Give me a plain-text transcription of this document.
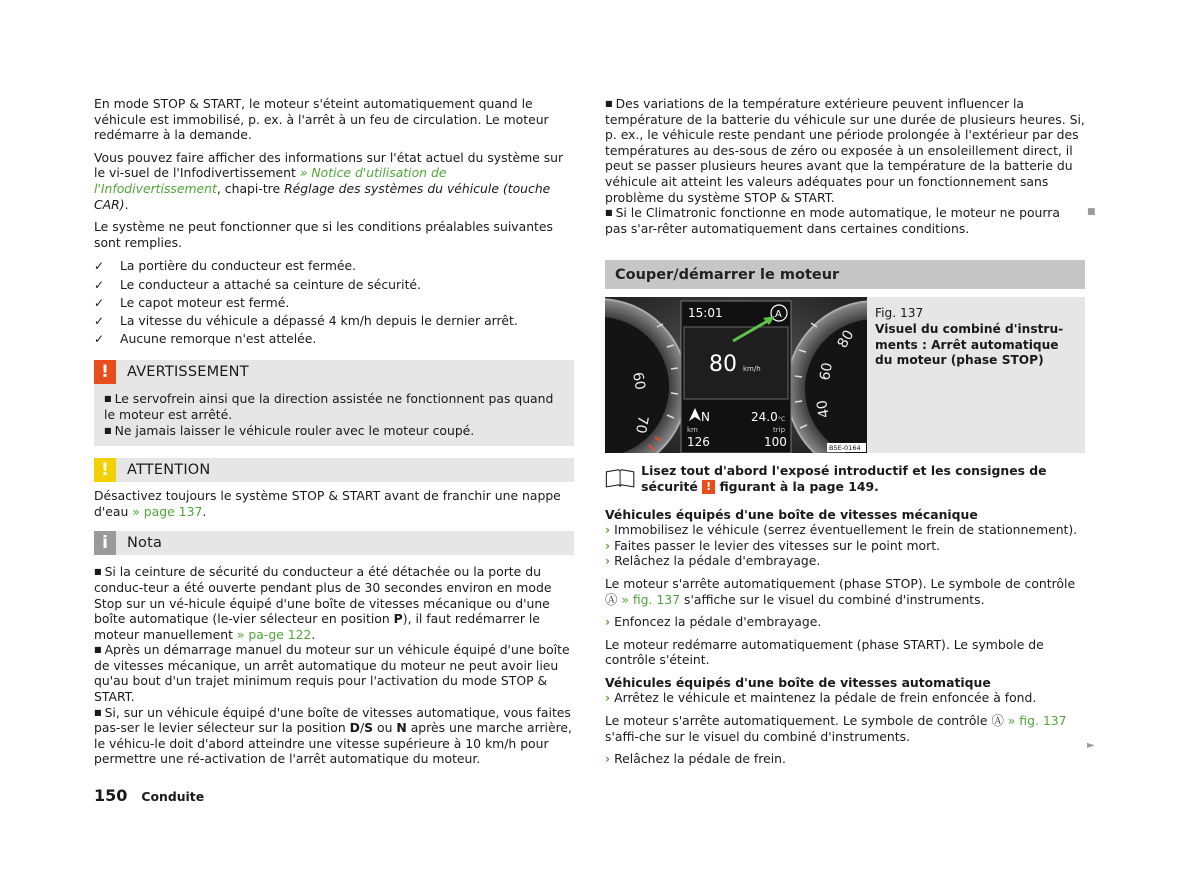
En mode STOP & START, le moteur s'éteint automatiquement quand le véhicule est immobilisé, p. ex. à l'arrêt à un feu de circulation. Le moteur redémarre à la demande.

Vous pouvez faire afficher des informations sur l'état actuel du système sur le vi-suel de l'Infodivertissement » Notice d'utilisation de l'Infodivertissement, chapi-tre Réglage des systèmes du véhicule (touche CAR).

Le système ne peut fonctionner que si les conditions préalables suivantes sont remplies.

✓ La portière du conducteur est fermée.
✓ Le conducteur a attaché sa ceinture de sécurité.
✓ Le capot moteur est fermé.
✓ La vitesse du véhicule a dépassé 4 km/h depuis le dernier arrêt.
✓ Aucune remorque n'est attelée.
!	AVERTISSEMENT

■ Le servofrein ainsi que la direction assistée ne fonctionnent pas quand le moteur est arrêté.

■ Ne jamais laisser le véhicule rouler avec le moteur coupé.

!	ATTENTION

Désactivez toujours le système STOP & START avant de franchir une nappe d'eau » page 137.

i	Nota

■ Si la ceinture de sécurité du conducteur a été détachée ou la porte du conduc-teur a été ouverte pendant plus de 30 secondes environ en mode Stop sur un vé-hicule équipé d'une boîte de vitesses mécanique ou d'une boîte automatique (le-vier sélecteur en position P), il faut redémarrer le moteur manuellement » pa-ge 122.

■ Après un démarrage manuel du moteur sur un véhicule équipé d'une boîte de vitesses mécanique, un arrêt automatique du moteur ne peut avoir lieu qu'au bout d'un trajet minimum requis pour l'activation du mode STOP & START.

■ Si, sur un véhicule équipé d'une boîte de vitesses automatique, vous faites pas-ser le levier sélecteur sur la position D/S ou N après une marche arrière, le véhicu-le doit d'abord atteindre une vitesse supérieure à 10 km/h pour permettre une ré-activation de l'arrêt automatique du moteur.

■ Des variations de la température extérieure peuvent influencer la température de la batterie du véhicule sur une durée de plusieurs heures. Si, p. ex., le véhicule reste pendant une période prolongée à l'extérieur par des températures au des-sous de zéro ou exposée à un ensoleillement direct, il peut se passer plusieurs heures avant que la température de la batterie du véhicule ait atteint les valeurs adéquates pour un fonctionnement sans problème du système STOP & START.

■ Si le Climatronic fonctionne en mode automatique, le moteur ne pourra pas s'ar-rêter automatiquement dans certaines conditions.

Couper/démarrer le moteur
60
70
80
60
40
15:01	A
80 km/h
N	24.0 °C
km	trip
126	100	B5E-0164
Fig. 137
Visuel du combiné d'instru-ments : Arrêt automatique du moteur (phase STOP)
Lisez tout d'abord l'exposé introductif et les consignes de sécurité ! figurant à la page 149.

Véhicules équipés d'une boîte de vitesses mécanique

› Immobilisez le véhicule (serrez éventuellement le frein de stationnement).

› Faites passer le levier des vitesses sur le point mort.

› Relâchez la pédale d'embrayage.

Le moteur s'arrête automatiquement (phase STOP). Le symbole de contrôle
Ⓐ » fig. 137 s'affiche sur le visuel du combiné d'instruments.

› Enfoncez la pédale d'embrayage.

Le moteur redémarre automatiquement (phase START). Le symbole de contrôle s'éteint.

Véhicules équipés d'une boîte de vitesses automatique

› Arrêtez le véhicule et maintenez la pédale de frein enfoncée à fond.

Le moteur s'arrête automatiquement. Le symbole de contrôle Ⓐ » fig. 137 s'affi-che sur le visuel du combiné d'instruments.

› Relâchez la pédale de frein.

■
►
150 Conduite
